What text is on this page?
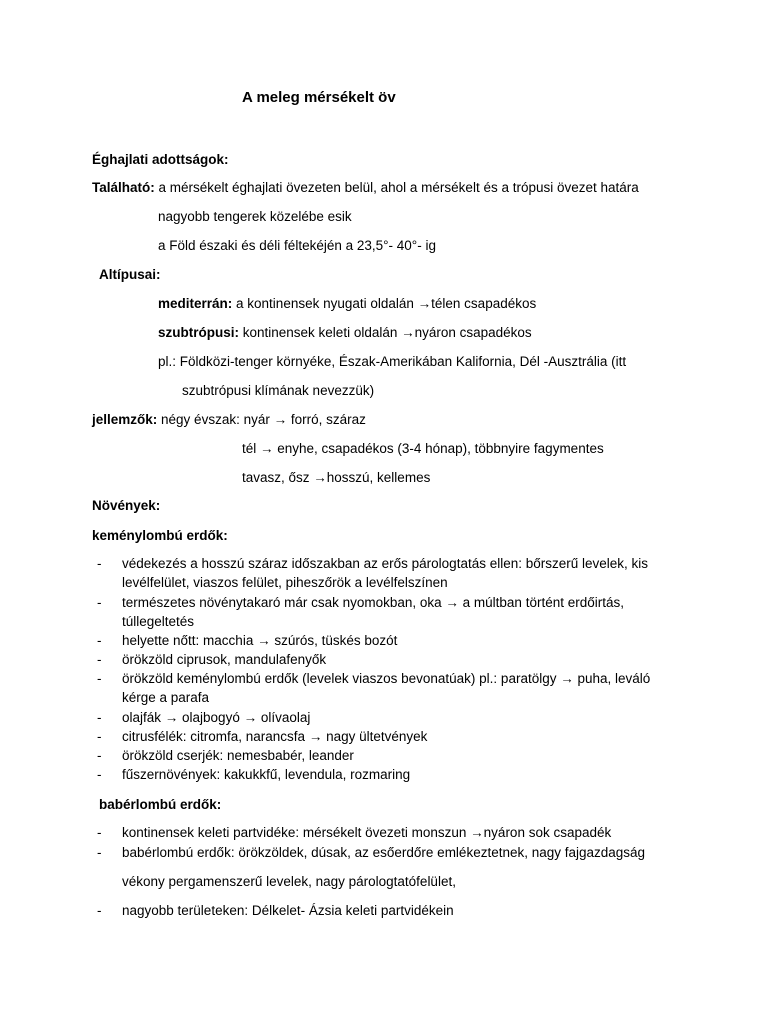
A meleg mérsékelt öv
Éghajlati adottságok:
Található: a mérsékelt éghajlati övezeten belül, ahol a mérsékelt és a trópusi övezet határa
nagyobb tengerek közelébe esik
a Föld északi és déli féltekéjén a 23,5°- 40°- ig
Altípusai:
mediterrán: a kontinensek nyugati oldalán →télen csapadékos
szubtrópusi: kontinensek keleti oldalán →nyáron csapadékos
pl.: Földközi-tenger környéke, Észak-Amerikában Kalifornia, Dél -Ausztrália (itt
szubtrópusi klímának nevezzük)
jellemzők: négy évszak: nyár → forró, száraz
tél → enyhe, csapadékos (3-4 hónap), többnyire fagymentes
tavasz, ősz →hosszú, kellemes
Növények:
keménylombú erdők:
- védekezés a hosszú száraz időszakban az erős párologtatás ellen: bőrszerű levelek, kis
levélfelület, viaszos felület, piheszőrök a levélfelszínen
- természetes növénytakaró már csak nyomokban, oka → a múltban történt erdőirtás,
túllegeltetés
- helyette nőtt: macchia → szúrós, tüskés bozót
- örökzöld ciprusok, mandulafenyők
- örökzöld keménylombú erdők (levelek viaszos bevonatúak) pl.: paratölgy → puha, leváló
kérge a parafa
- olajfák → olajbogyó → olívaolaj
- citrusfélék: citromfa, narancsfa → nagy ültetvények
- örökzöld cserjék: nemesbabér, leander
- fűszernövények: kakukkfű, levendula, rozmaring
babérlombú erdők:
- kontinensek keleti partvidéke: mérsékelt övezeti monszun →nyáron sok csapadék
- babérlombú erdők: örökzöldek, dúsak, az esőerdőre emlékeztetnek, nagy fajgazdagság
vékony pergamenszerű levelek, nagy párologtatófelület,
- nagyobb területeken: Délkelet- Ázsia keleti partvidékein
